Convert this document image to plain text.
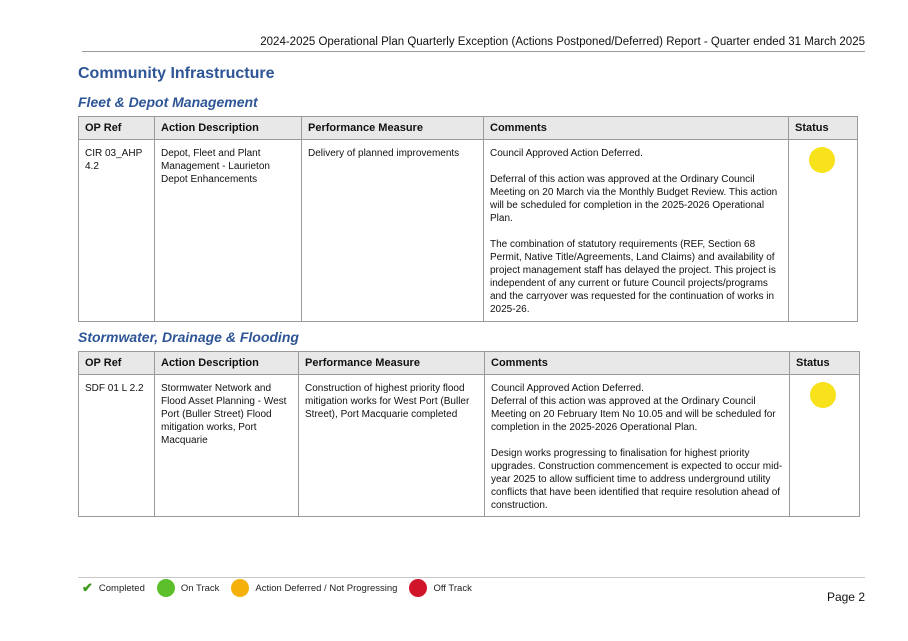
2024-2025 Operational Plan Quarterly Exception (Actions Postponed/Deferred) Report - Quarter ended 31 March 2025
Community Infrastructure
Fleet & Depot Management
OP Ref	Action Description	Performance Measure	Comments	Status
CIR 03_AHP 4.2	Depot, Fleet and Plant Management - Laurieton Depot Enhancements	Delivery of planned improvements	Council Approved Action Deferred.

Deferral of this action was approved at the Ordinary Council Meeting on 20 March via the Monthly Budget Review. This action will be scheduled for completion in the 2025-2026 Operational Plan.

The combination of statutory requirements (REF, Section 68 Permit, Native Title/Agreements, Land Claims) and availability of project management staff has delayed the project. This project is independent of any current or future Council projects/programs and the carryover was requested for the continuation of works in 2025-26.	

Stormwater, Drainage & Flooding
OP Ref	Action Description	Performance Measure	Comments	Status
SDF 01 L 2.2	Stormwater Network and Flood Asset Planning - West Port (Buller Street) Flood mitigation works, Port Macquarie	Construction of highest priority flood mitigation works for West Port (Buller Street), Port Macquarie completed	Council Approved Action Deferred.
Deferral of this action was approved at the Ordinary Council Meeting on 20 February Item No 10.05 and will be scheduled for completion in the 2025-2026 Operational Plan.

Design works progressing to finalisation for highest priority upgrades. Construction commencement is expected to occur mid-year 2025 to allow sufficient time to address underground utility conflicts that have been identified that require resolution ahead of construction.	

✔ Completed	On Track	Action Deferred / Not Progressing	Off Track
Page 2
